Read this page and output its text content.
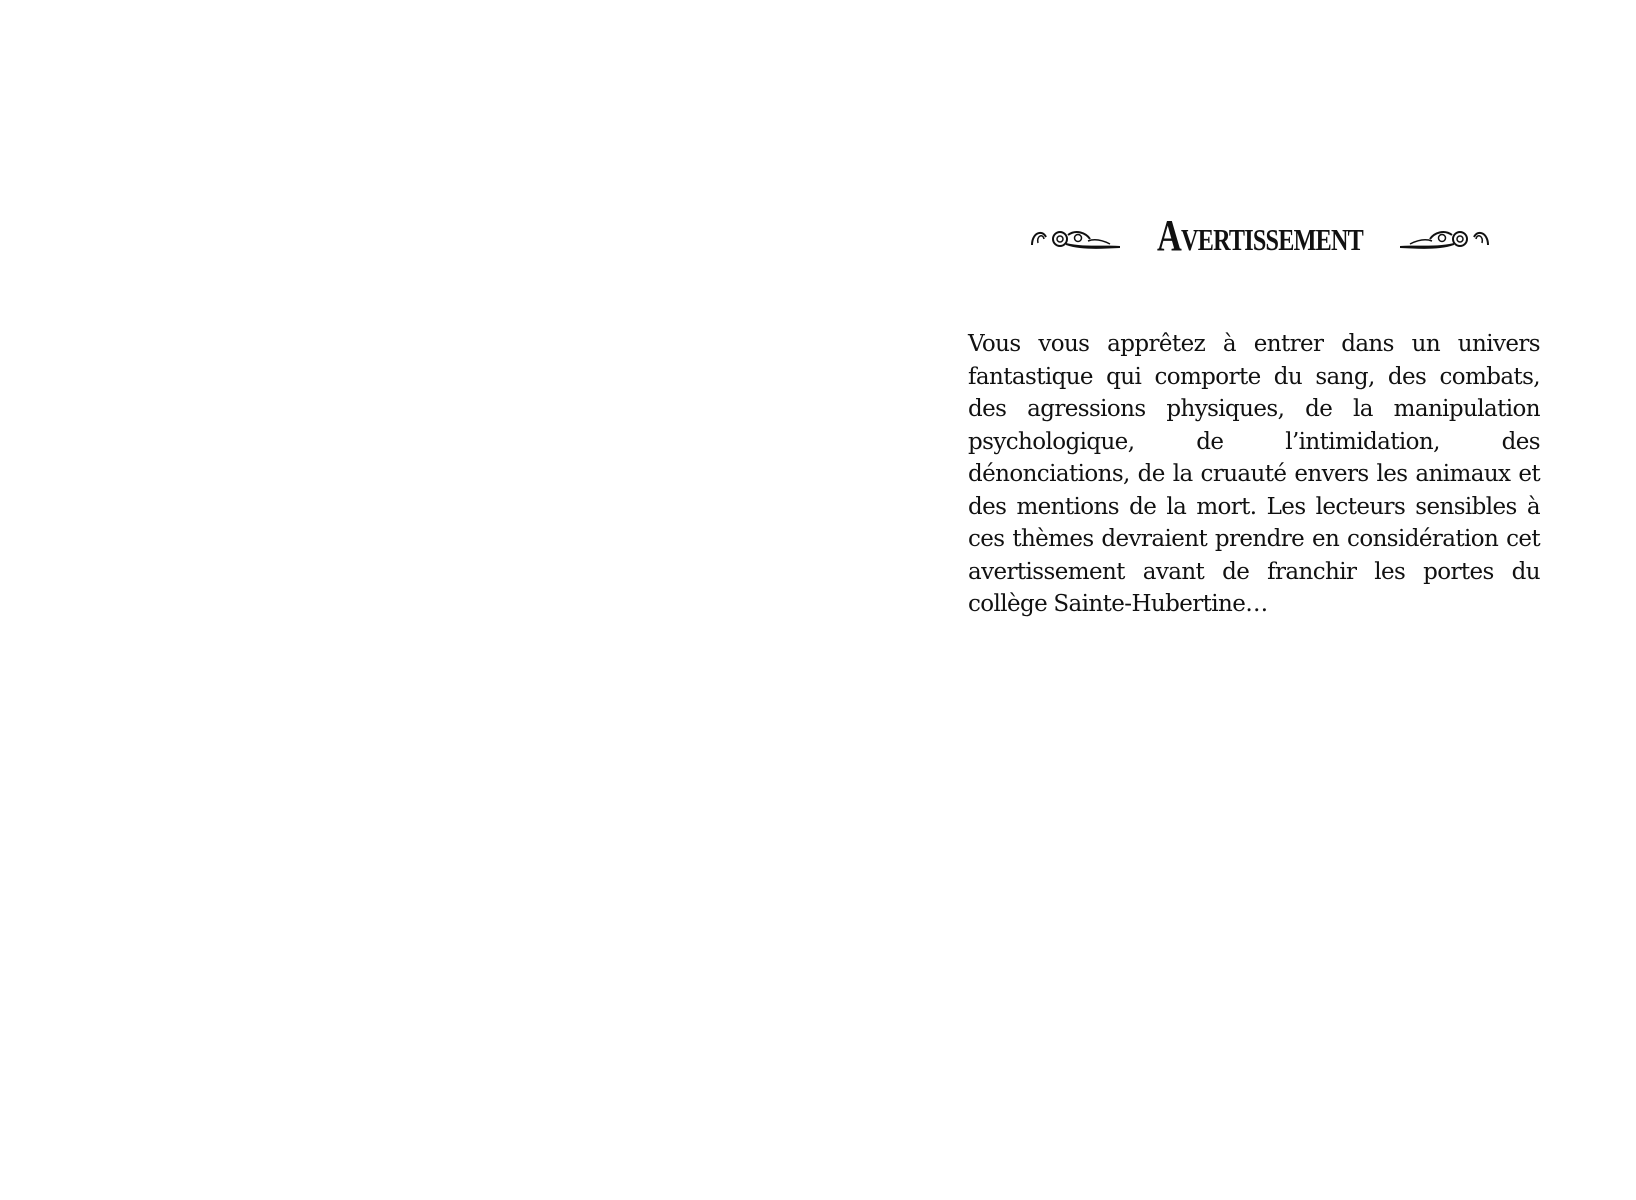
Avertissement

Vous vous apprêtez à entrer dans un univers fantastique qui comporte du sang, des combats, des agressions physiques, de la manipulation psychologique, de l’intimidation, des dénonciations, de la cruauté envers les animaux et des mentions de la mort. Les lecteurs sensibles à ces thèmes devraient prendre en considération cet avertissement avant de franchir les portes du collège Sainte-Hubertine…
